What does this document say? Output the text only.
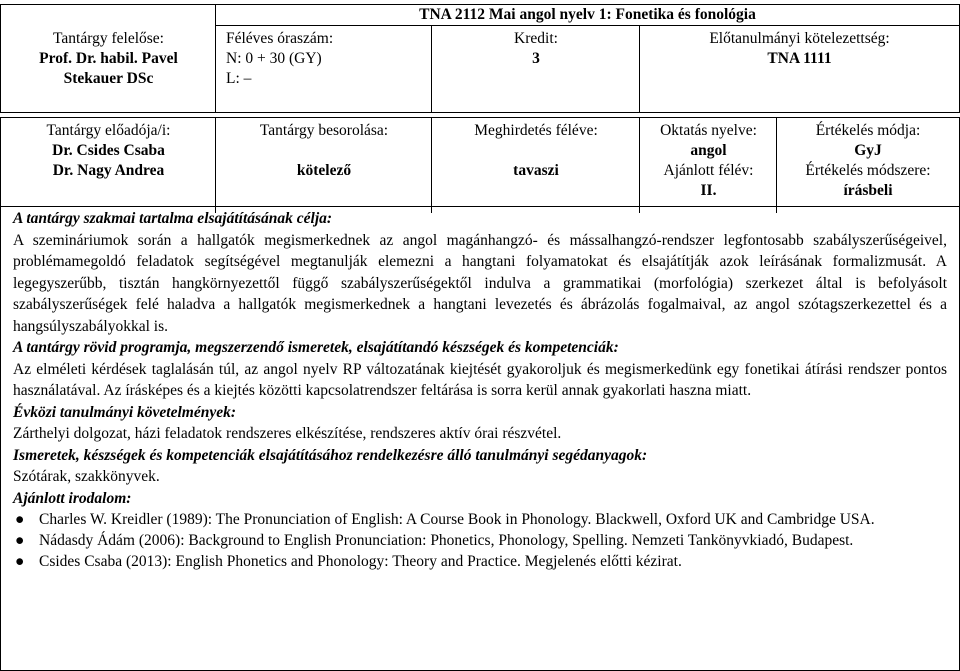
TNA 2112 Mai angol nyelv 1: Fonetika és fonológia
Tantárgy felelőse:
Prof. Dr. habil. Pavel
Stekauer DSc
Féléves óraszám:
N: 0 + 30 (GY)
L: –
Kredit:
3
Előtanulmányi kötelezettség:
TNA 1111
Tantárgy előadója/i:
Dr. Csides Csaba
Dr. Nagy Andrea
Tantárgy besorolása:
kötelező
Meghirdetés féléve:
tavaszi
Oktatás nyelve:
angol
Ajánlott félév:
II.
Értékelés módja:
GyJ
Értékelés módszere:
írásbeli
A tantárgy szakmai tartalma elsajátításának célja:
A szemináriumok során a hallgatók megismerkednek az angol magánhangzó- és mássalhangzó-rendszer legfontosabb szabályszerűségeivel, problémamegoldó feladatok segítségével megtanulják elemezni a hangtani folyamatokat és elsajátítják azok leírásának formalizmusát. A legegyszerűbb, tisztán hangkörnyezettől függő szabályszerűségektől indulva a grammatikai (morfológia) szerkezet által is befolyásolt szabályszerűségek felé haladva a hallgatók megismerkednek a hangtani levezetés és ábrázolás fogalmaival, az angol szótagszerkezettel és a hangsúlyszabályokkal is.
A tantárgy rövid programja, megszerzendő ismeretek, elsajátítandó készségek és kompetenciák:
Az elméleti kérdések taglalásán túl, az angol nyelv RP változatának kiejtését gyakoroljuk és megismerkedünk egy fonetikai átírási rendszer pontos használatával. Az írásképes és a kiejtés közötti kapcsolatrendszer feltárása is sorra kerül annak gyakorlati haszna miatt.
Évközi tanulmányi követelmények:
Zárthelyi dolgozat, házi feladatok rendszeres elkészítése, rendszeres aktív órai részvétel.
Ismeretek, készségek és kompetenciák elsajátításához rendelkezésre álló tanulmányi segédanyagok:
Szótárak, szakkönyvek.
Ajánlott irodalom:
● Charles W. Kreidler (1989): The Pronunciation of English: A Course Book in Phonology. Blackwell, Oxford UK and Cambridge USA.
● Nádasdy Ádám (2006): Background to English Pronunciation: Phonetics, Phonology, Spelling. Nemzeti Tankönyvkiadó, Budapest.
● Csides Csaba (2013): English Phonetics and Phonology: Theory and Practice. Megjelenés előtti kézirat.
